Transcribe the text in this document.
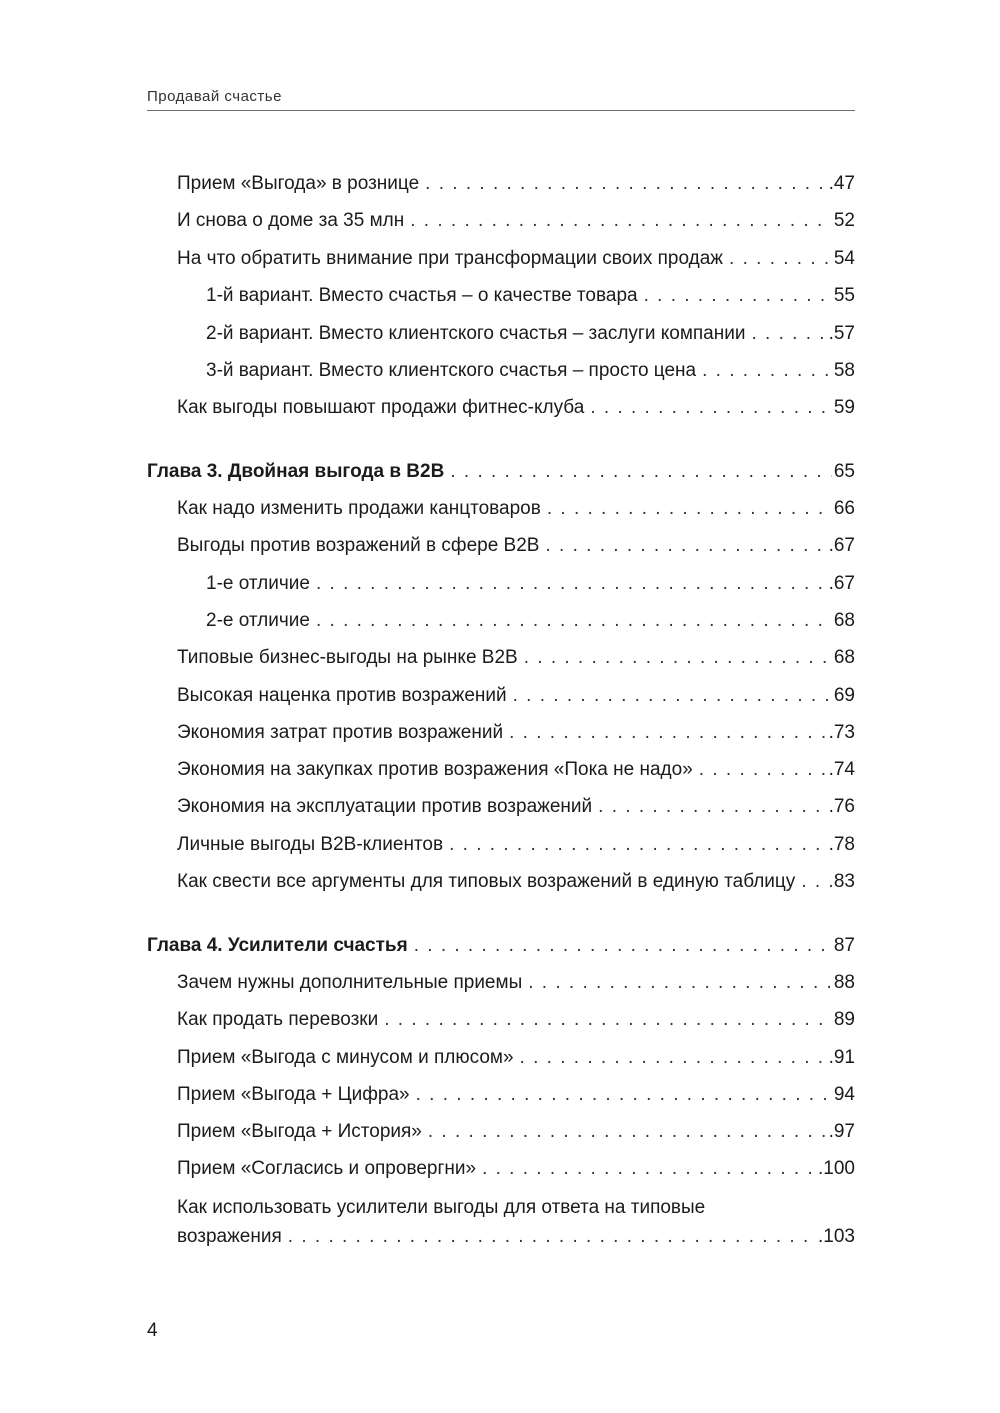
Продавай счастье
Прием «Выгода» в рознице . . .	.47
И снова о доме за 35 млн . . .	52
На что обратить внимание при трансформации своих продаж . . .	54
1-й вариант. Вместо счастья – о качестве товара . . .	55
2-й вариант. Вместо клиентского счастья – заслуги компании . . .	.57
3-й вариант. Вместо клиентского счастья – просто цена . . .	58
Как выгоды повышают продажи фитнес-клуба . . .	59
Глава 3. Двойная выгода в B2B . . .	65
Как надо изменить продажи канцтоваров . . .	66
Выгоды против возражений в сфере B2B . . .	.67
1-е отличие . . .	.67
2-е отличие . . .	68
Типовые бизнес-выгоды на рынке B2B . . .	68
Высокая наценка против возражений . . .	69
Экономия затрат против возражений . . .	.73
Экономия на закупках против возражения «Пока не надо» . . .	.74
Экономия на эксплуатации против возражений . . .	.76
Личные выгоды B2B-клиентов . . .	.78
Как свести все аргументы для типовых возражений в единую таблицу . . . 83
Глава 4. Усилители счастья . . .	87
Зачем нужны дополнительные приемы . . .	88
Как продать перевозки . . .	89
Прием «Выгода с минусом и плюсом» . . .	.91
Прием «Выгода + Цифра» . . .	94
Прием «Выгода + История» . . .	.97
Прием «Согласись и опровергни» . . .	.100
Как использовать усилители выгоды для ответа на типовые
возражения . . .	.103
4
